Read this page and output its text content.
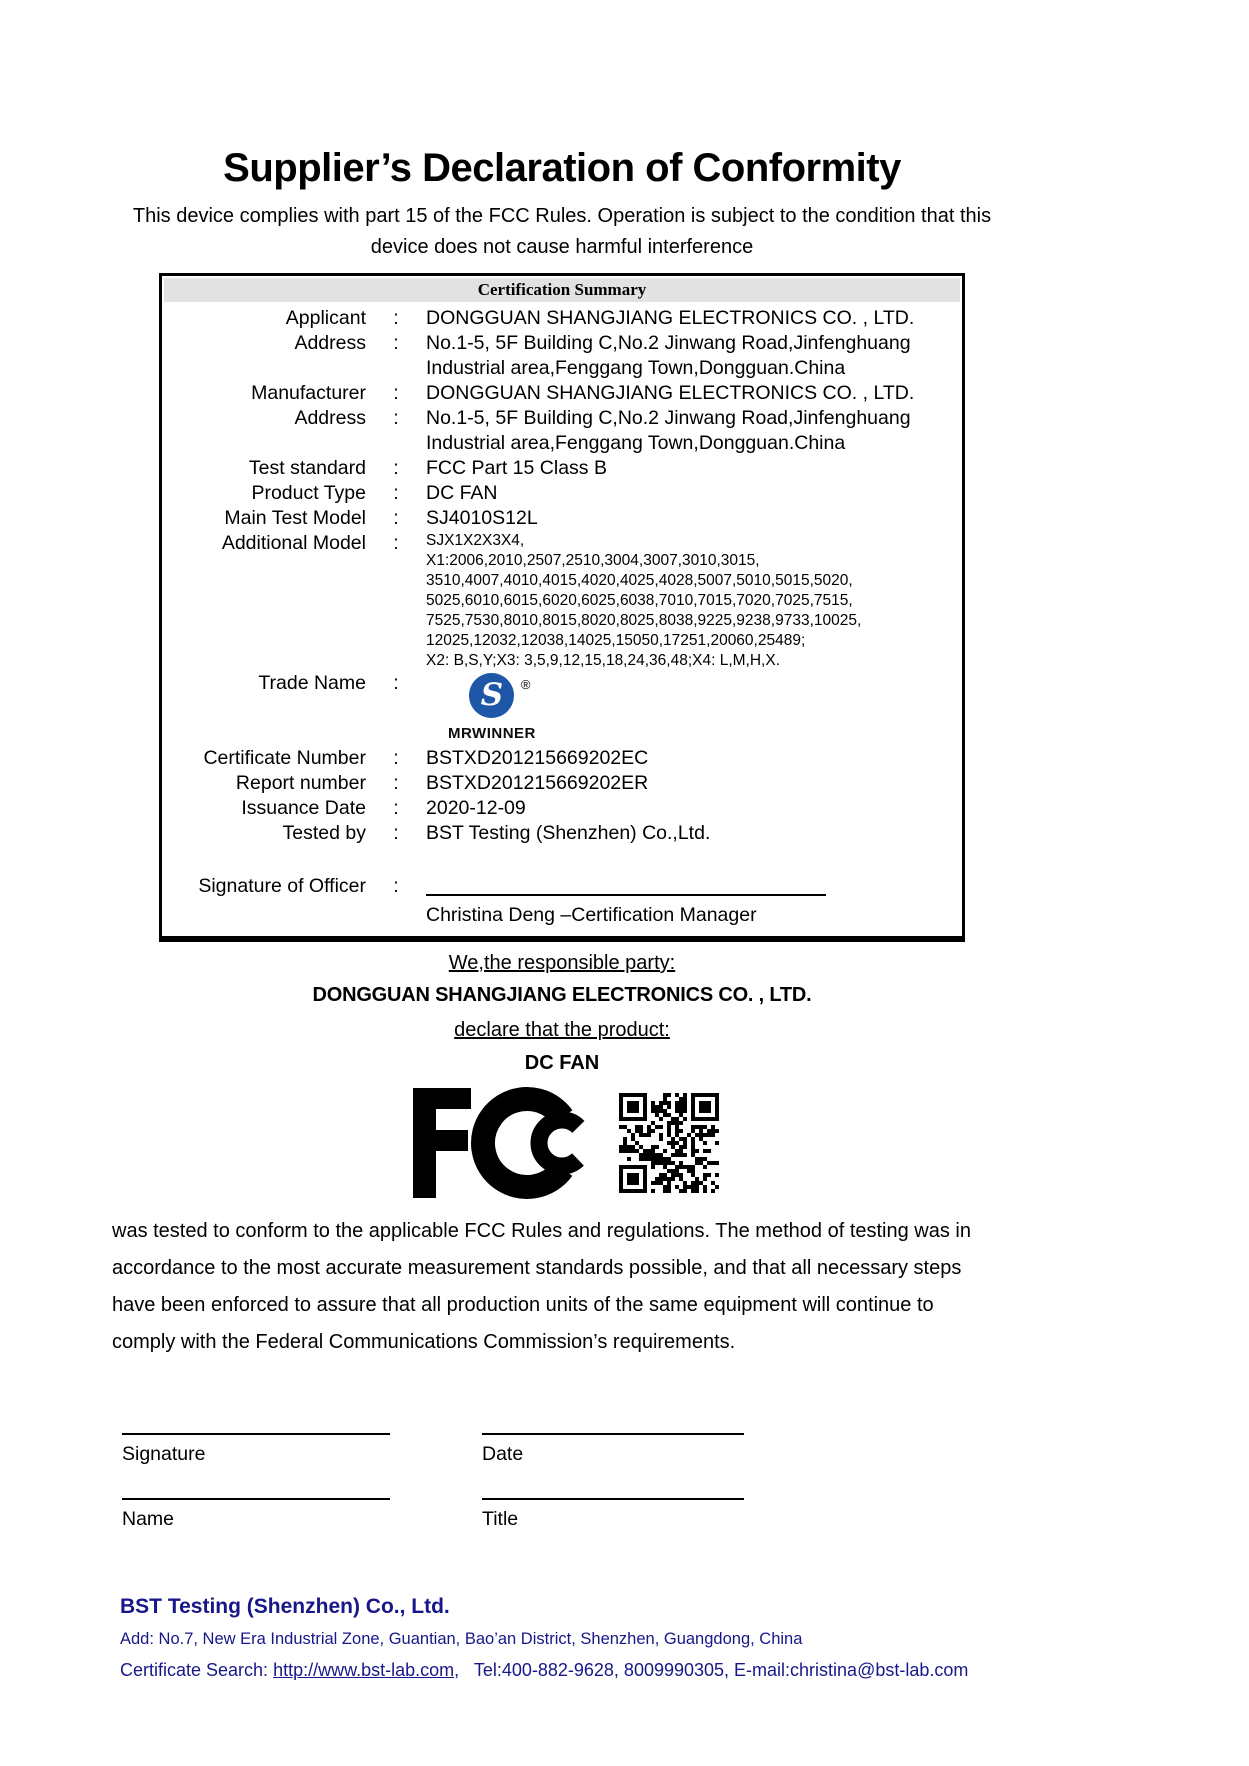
Supplier’s Declaration of Conformity
This device complies with part 15 of the FCC Rules. Operation is subject to the condition that this device does not cause harmful interference
Certification Summary
Applicant	:	DONGGUAN SHANGJIANG ELECTRONICS CO. , LTD.
Address	:	No.1-5, 5F Building C,No.2 Jinwang Road,Jinfenghuang Industrial area,Fenggang Town,Dongguan.China
Manufacturer	:	DONGGUAN SHANGJIANG ELECTRONICS CO. , LTD.
Address	:	No.1-5, 5F Building C,No.2 Jinwang Road,Jinfenghuang Industrial area,Fenggang Town,Dongguan.China
Test standard	:	FCC Part 15 Class B
Product Type	:	DC FAN
Main Test Model	:	SJ4010S12L
Additional Model	:	SJX1X2X3X4,
X1:2006,2010,2507,2510,3004,3007,3010,3015,
3510,4007,4010,4015,4020,4025,4028,5007,5010,5015,5020,
5025,6010,6015,6020,6025,6038,7010,7015,7020,7025,7515,
7525,7530,8010,8015,8020,8025,8038,9225,9238,9733,10025,
12025,12032,12038,14025,15050,17251,20060,25489;
X2: B,S,Y;X3: 3,5,9,12,15,18,24,36,48;X4: L,M,H,X.
Trade Name	:	S	®
MRWINNER
Certificate Number	:	BSTXD201215669202EC
Report number	:	BSTXD201215669202ER
Issuance Date	:	2020-12-09
Tested by	:	BST Testing (Shenzhen) Co.,Ltd.
Signature of Officer	:
Christina Deng –Certification Manager
We,the responsible party:
DONGGUAN SHANGJIANG ELECTRONICS CO. , LTD.
declare that the product:
DC FAN
was tested to conform to the applicable FCC Rules and regulations. The method of testing was in accordance to the most accurate measurement standards possible, and that all necessary steps have been enforced to assure that all production units of the same equipment will continue to comply with the Federal Communications Commission’s requirements.
Signature	Date
Name	Title
BST Testing (Shenzhen) Co., Ltd.
Add: No.7, New Era Industrial Zone, Guantian, Bao’an District, Shenzhen, Guangdong, China
Certificate Search: http://www.bst-lab.com,   Tel:400-882-9628, 8009990305, E-mail:christina@bst-lab.com
